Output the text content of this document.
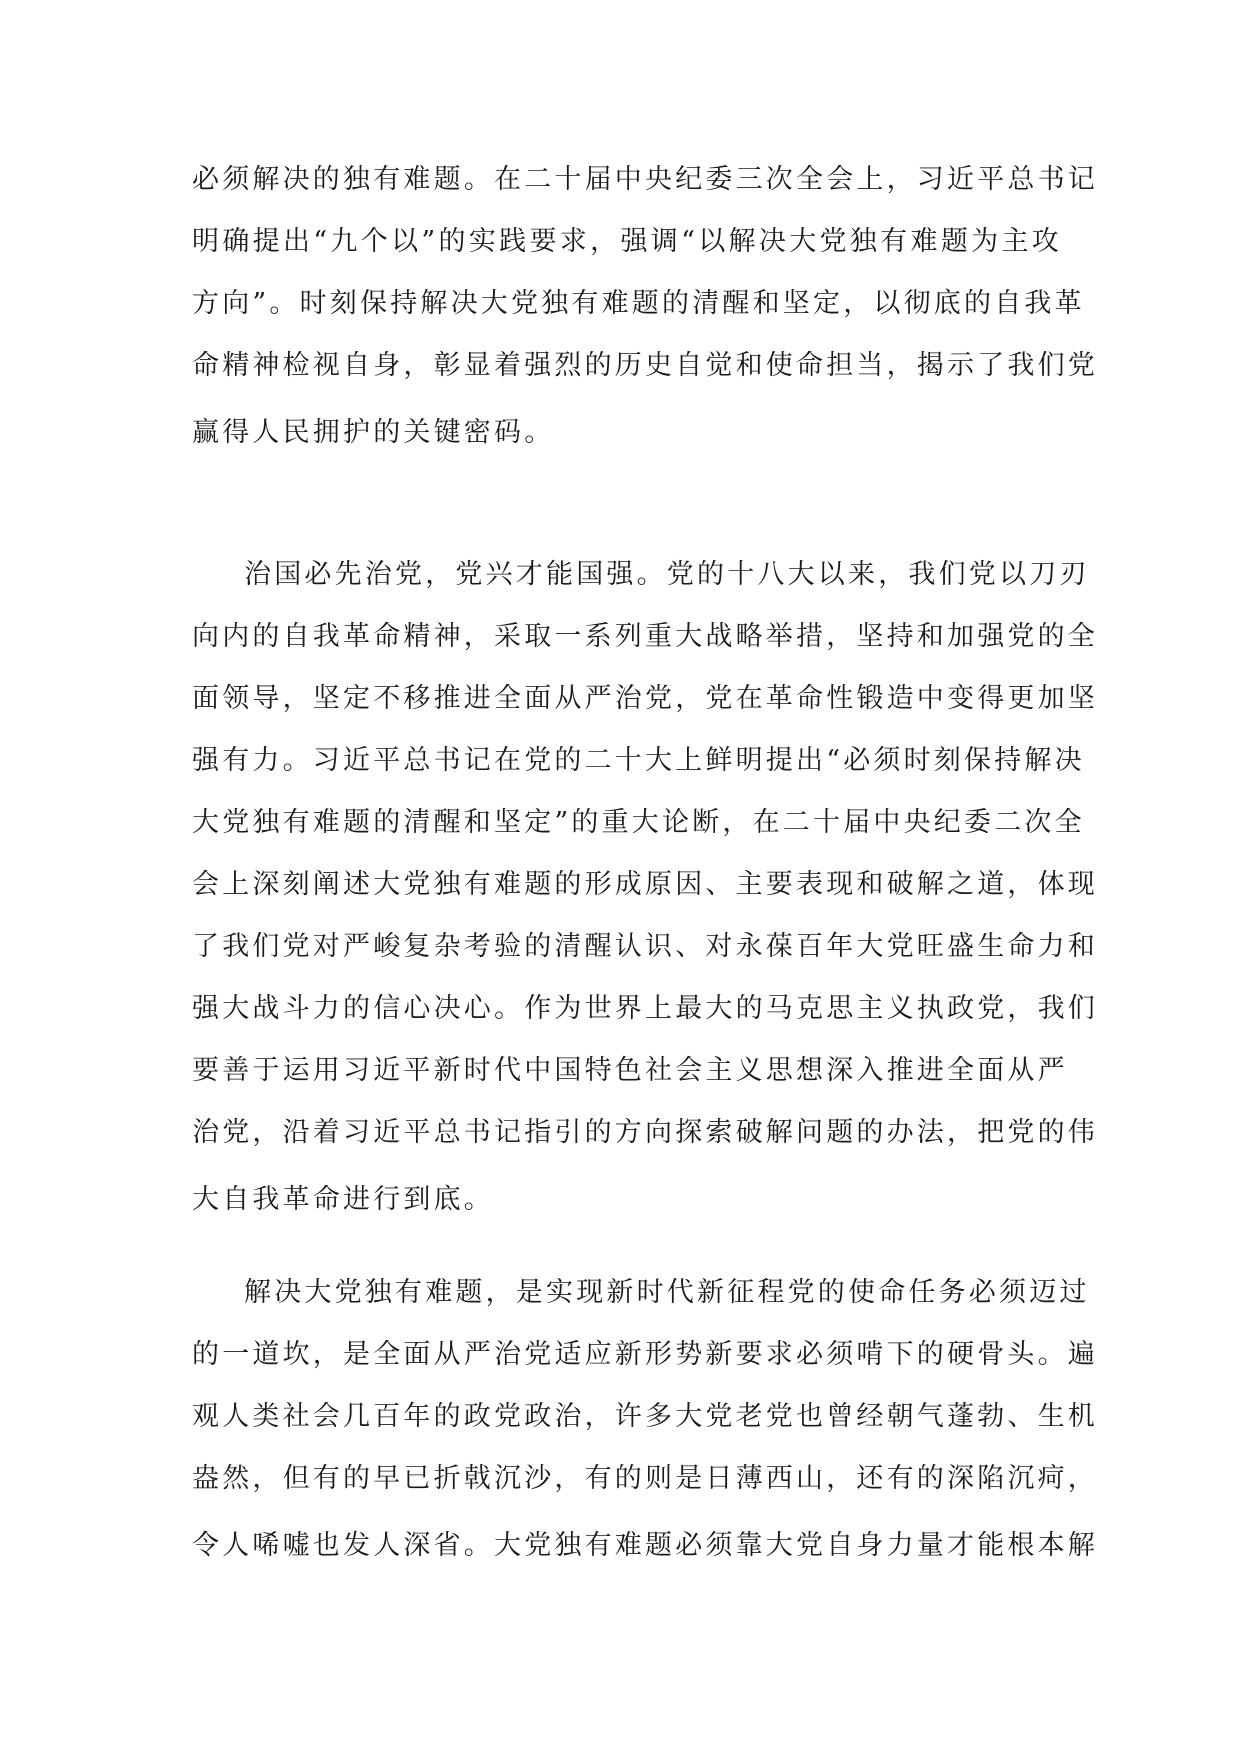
必须解决的独有难题。在二十届中央纪委三次全会上，习近平总书记
明确提出“九个以”的实践要求，强调“以解决大党独有难题为主攻
方向”。时刻保持解决大党独有难题的清醒和坚定，以彻底的自我革
命精神检视自身，彰显着强烈的历史自觉和使命担当，揭示了我们党
赢得人民拥护的关键密码。
治国必先治党，党兴才能国强。党的十八大以来，我们党以刀刃
向内的自我革命精神，采取一系列重大战略举措，坚持和加强党的全
面领导，坚定不移推进全面从严治党，党在革命性锻造中变得更加坚
强有力。习近平总书记在党的二十大上鲜明提出“必须时刻保持解决
大党独有难题的清醒和坚定”的重大论断，在二十届中央纪委二次全
会上深刻阐述大党独有难题的形成原因、主要表现和破解之道，体现
了我们党对严峻复杂考验的清醒认识、对永葆百年大党旺盛生命力和
强大战斗力的信心决心。作为世界上最大的马克思主义执政党，我们
要善于运用习近平新时代中国特色社会主义思想深入推进全面从严
治党，沿着习近平总书记指引的方向探索破解问题的办法，把党的伟
大自我革命进行到底。
解决大党独有难题，是实现新时代新征程党的使命任务必须迈过
的一道坎，是全面从严治党适应新形势新要求必须啃下的硬骨头。遍
观人类社会几百年的政党政治，许多大党老党也曾经朝气蓬勃、生机
盎然，但有的早已折戟沉沙，有的则是日薄西山，还有的深陷沉疴，
令人唏嘘也发人深省。大党独有难题必须靠大党自身力量才能根本解
